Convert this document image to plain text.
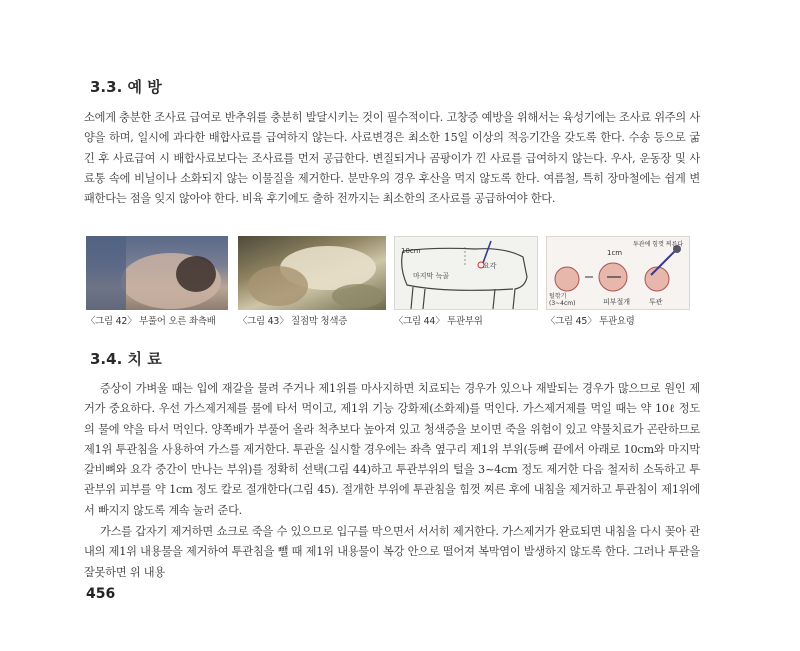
3.3. 예 방

소에게 충분한 조사료 급여로 반추위를 충분히 발달시키는 것이 필수적이다. 고창증 예방을 위해서는 육성기에는 조사료 위주의 사양을 하며, 일시에 과다한 배합사료를 급여하지 않는다. 사료변경은 최소한 15일 이상의 적응기간을 갖도록 한다. 수송 등으로 굶긴 후 사료급여 시 배합사료보다는 조사료를 먼저 공급한다. 변질되거나 곰팡이가 낀 사료를 급여하지 않는다. 우사, 운동장 및 사료통 속에 비닐이나 소화되지 않는 이물질을 제거한다. 분만우의 경우 후산을 먹지 않도록 한다. 여름철, 특히 장마철에는 쉽게 변패한다는 점을 잊지 않아야 한다. 비육 후기에도 출하 전까지는 최소한의 조사료를 공급하여야 한다.

〈그림 42〉 부풀어 오른 좌측배	〈그림 43〉 질점막 청색증
10cm
마지막 늑골
요각
〈그림 44〉 투관부위
1cm
피부절개	투관
털깎기 (3~4cm)
투관에 힘껏 찌른다
〈그림 45〉 투관요령
3.4. 치 료

증상이 가벼울 때는 입에 재갈을 물려 주거나 제1위를 마사지하면 치료되는 경우가 있으나 재발되는 경우가 많으므로 원인 제거가 중요하다. 우선 가스제거제를 물에 타서 먹이고, 제1위 기능 강화제(소화제)를 먹인다. 가스제거제를 먹일 때는 약 10ℓ 정도의 물에 약을 타서 먹인다. 양쪽배가 부풀어 올라 척추보다 높아져 있고 청색증을 보이면 죽을 위험이 있고 약물치료가 곤란하므로 제1위 투관침을 사용하여 가스를 제거한다. 투관을 실시할 경우에는 좌측 옆구리 제1위 부위(등뼈 끝에서 아래로 10cm와 마지막 갈비뼈와 요각 중간이 만나는 부위)를 정확히 선택(그림 44)하고 투관부위의 털을 3~4cm 정도 제거한 다음 철저히 소독하고 투관부위 피부를 약 1cm 정도 칼로 절개한다(그림 45). 절개한 부위에 투관침을 힘껏 찌른 후에 내침을 제거하고 투관침이 제1위에서 빠지지 않도록 계속 눌러 준다.

가스를 갑자기 제거하면 쇼크로 죽을 수 있으므로 입구를 막으면서 서서히 제거한다. 가스제거가 완료되면 내침을 다시 꽂아 관내의 제1위 내용물을 제거하여 투관침을 뺄 때 제1위 내용물이 복강 안으로 떨어져 복막염이 발생하지 않도록 한다. 그러나 투관을 잘못하면 위 내용

456
